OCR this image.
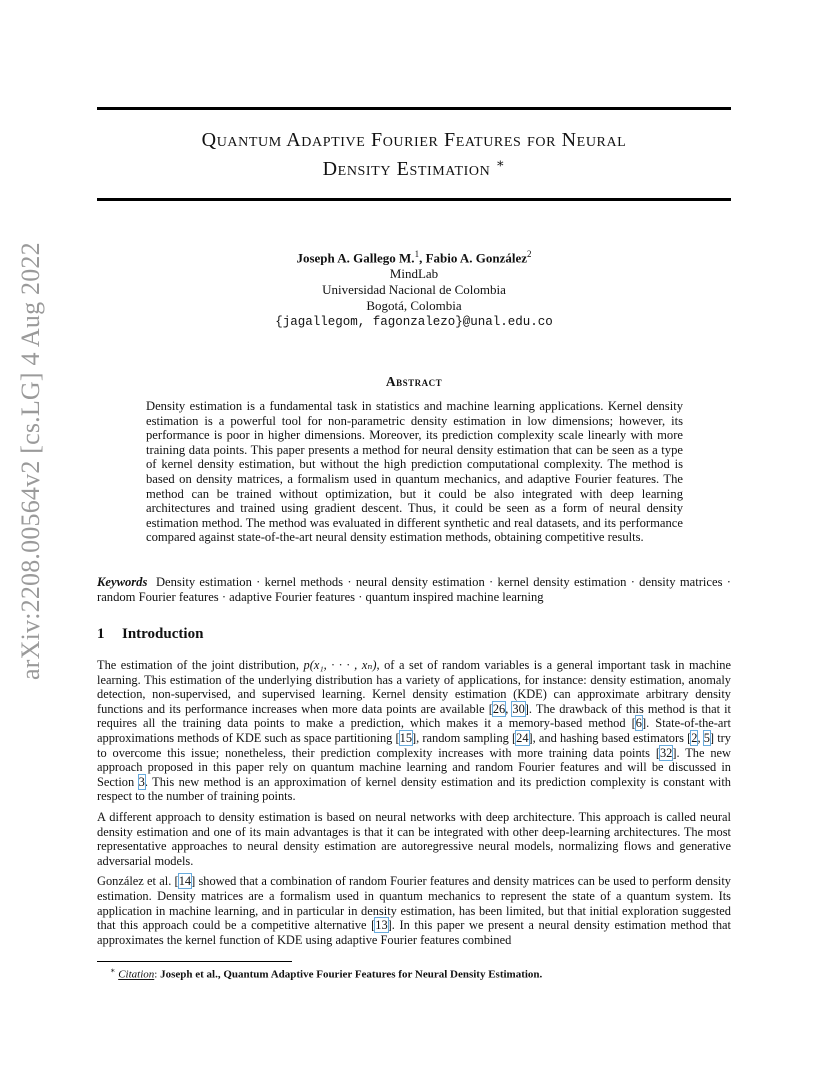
arXiv:2208.00564v2 [cs.LG] 4 Aug 2022
Quantum Adaptive Fourier Features for Neural
Density Estimation ∗
Joseph A. Gallego M.$^1$, Fabio A. González$^2$
MindLab
Universidad Nacional de Colombia
Bogotá, Colombia
{jagallegom, fagonzalezo}@unal.edu.co
Abstract
Density estimation is a fundamental task in statistics and machine learning applications. Kernel density estimation is a powerful tool for non-parametric density estimation in low dimensions; however, its performance is poor in higher dimensions. Moreover, its prediction complexity scale linearly with more training data points. This paper presents a method for neural density estimation that can be seen as a type of kernel density estimation, but without the high prediction computational complexity. The method is based on density matrices, a formalism used in quantum mechanics, and adaptive Fourier features. The method can be trained without optimization, but it could be also integrated with deep learning architectures and trained using gradient descent. Thus, it could be seen as a form of neural density estimation method. The method was evaluated in different synthetic and real datasets, and its performance compared against state-of-the-art neural density estimation methods, obtaining competitive results.
Keywords Density estimation · kernel methods · neural density estimation · kernel density estimation · density matrices · random Fourier features · adaptive Fourier features · quantum inspired machine learning
1 Introduction

The estimation of the joint distribution, p(x₁, · · · , xₙ), of a set of random variables is a general important task in machine learning. This estimation of the underlying distribution has a variety of applications, for instance: density estimation, anomaly detection, non-supervised, and supervised learning. Kernel density estimation (KDE) can approximate arbitrary density functions and its performance increases when more data points are available [26, 30]. The drawback of this method is that it requires all the training data points to make a prediction, which makes it a memory-based method [6]. State-of-the-art approximations methods of KDE such as space partitioning [15], random sampling [24], and hashing based estimators [2, 5] try to overcome this issue; nonetheless, their prediction complexity increases with more training data points [32]. The new approach proposed in this paper rely on quantum machine learning and random Fourier features and will be discussed in Section 3. This new method is an approximation of kernel density estimation and its prediction complexity is constant with respect to the number of training points.

A different approach to density estimation is based on neural networks with deep architecture. This approach is called neural density estimation and one of its main advantages is that it can be integrated with other deep-learning architectures. The most representative approaches to neural density estimation are autoregressive neural models, normalizing flows and generative adversarial models.

González et al. [14] showed that a combination of random Fourier features and density matrices can be used to perform density estimation. Density matrices are a formalism used in quantum mechanics to represent the state of a quantum system. Its application in machine learning, and in particular in density estimation, has been limited, but that initial exploration suggested that this approach could be a competitive alternative [13]. In this paper we present a neural density estimation method that approximates the kernel function of KDE using adaptive Fourier features combined

∗ Citation: Joseph et al., Quantum Adaptive Fourier Features for Neural Density Estimation.
